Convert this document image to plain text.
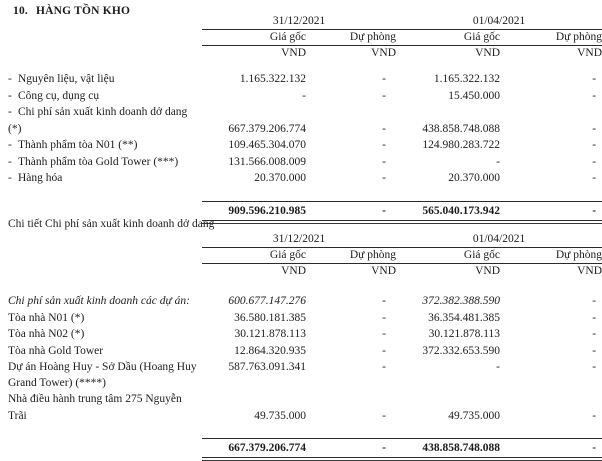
10. HÀNG TỒN KHO
	31/12/2021		01/04/2021	

	Giá gốc	Dự phòng	Giá gốc	Dự phòng

	VND	VND	VND	VND

- Nguyên liệu, vật liệu	1.165.322.132	-	1.165.322.132	-
- Công cụ, dụng cụ	-	-	15.450.000	-
- Chi phí sản xuất kinh doanh dở dang (*)	667.379.206.774	-	438.858.748.088	-
- Thành phẩm tòa N01 (**)	109.465.304.070	-	124.980.283.722	-
- Thành phẩm tòa Gold Tower (***)	131.566.008.009	-	-	-
- Hàng hóa	20.370.000	-	20.370.000	-

	909.596.210.985	-	565.040.173.942	-

Chi tiết Chi phí sản xuất kinh doanh dở dang
	31/12/2021		01/04/2021	

	Giá gốc	Dự phòng	Giá gốc	Dự phòng

	VND	VND	VND	VND

Chi phí sản xuất kinh doanh các dự án:	600.677.147.276	-	372.382.388.590	-
Tòa nhà N01 (*)	36.580.181.385	-	36.354.481.385	-
Tòa nhà N02 (*)	30.121.878.113	-	30.121.878.113	-
Tòa nhà Gold Tower	12.864.320.935	-	372.332.653.590	-
Dự án Hoàng Huy - Sở Dầu (Hoang Huy Grand Tower) (****)	587.763.091.341	-	-	-
Nhà điều hành trung tâm 275 Nguyễn Trãi	49.735.000	-	49.735.000	-

	667.379.206.774	-	438.858.748.088	-
